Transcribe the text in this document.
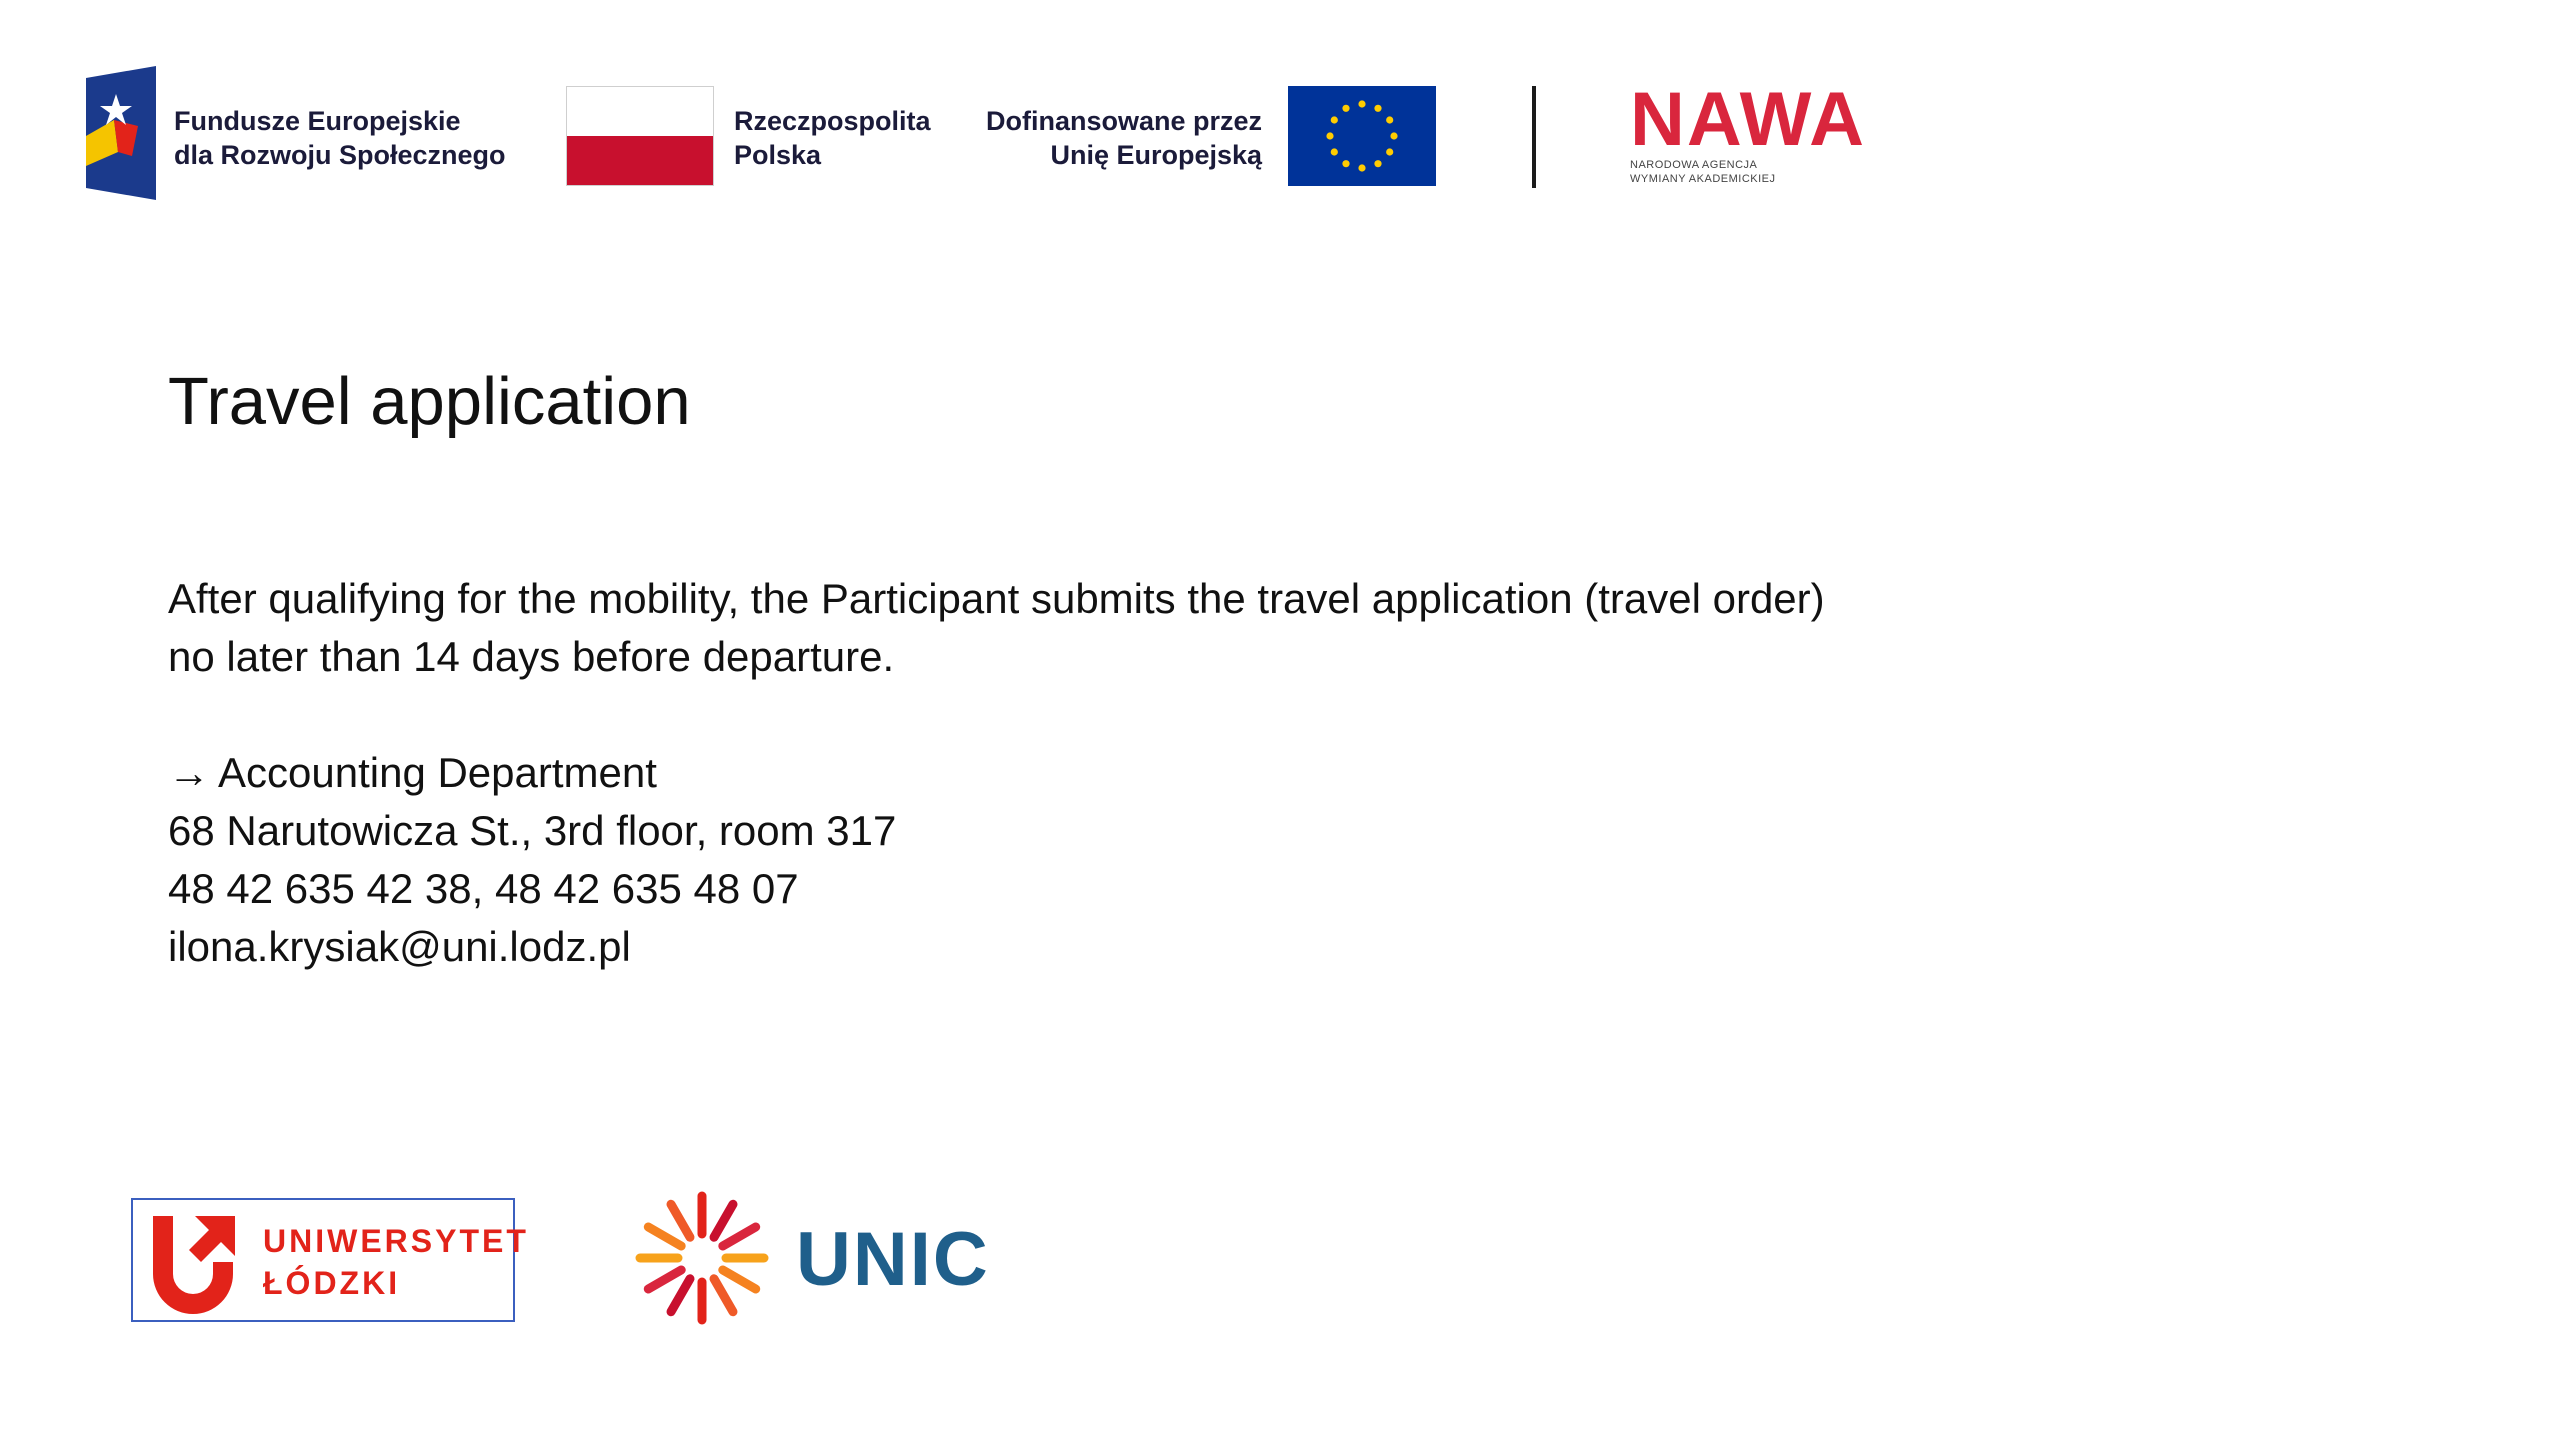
Fundusze Europejskie
dla Rozwoju Społecznego
Rzeczpospolita
Polska
Dofinansowane przez
Unię Europejską	NAWA
NARODOWA AGENCJA
WYMIANY AKADEMICKIEJ
Travel application

After qualifying for the mobility, the Participant submits the travel application (travel order)

no later than 14 days before departure.

→ Accounting Department

68 Narutowicza St., 3rd floor, room 317

48 42 635 42 38, 48 42 635 48 07

ilona.krysiak@uni.lodz.pl

UNIWERSYTET
ŁÓDZKI	UNIC
